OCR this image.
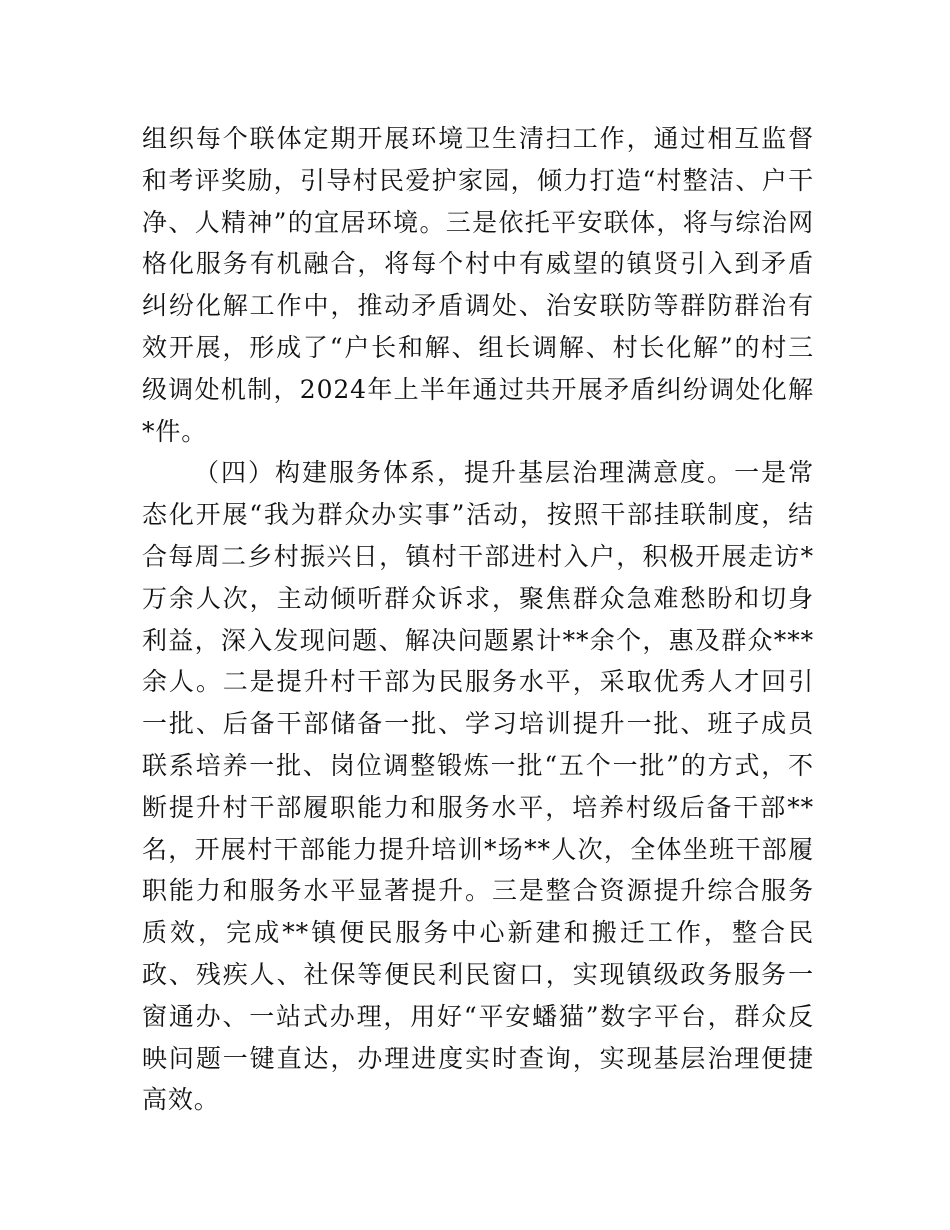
组织每个联体定期开展环境卫生清扫工作，通过相互监督和考评奖励，引导村民爱护家园，倾力打造“村整洁、户干净、人精神”的宜居环境。三是依托平安联体，将与综治网格化服务有机融合，将每个村中有威望的镇贤引入到矛盾纠纷化解工作中，推动矛盾调处、治安联防等群防群治有效开展，形成了“户长和解、组长调解、村长化解”的村三级调处机制，2024年上半年通过共开展矛盾纠纷调处化解*件。

（四）构建服务体系，提升基层治理满意度。一是常态化开展“我为群众办实事”活动，按照干部挂联制度，结合每周二乡村振兴日，镇村干部进村入户，积极开展走访*万余人次，主动倾听群众诉求，聚焦群众急难愁盼和切身利益，深入发现问题、解决问题累计**余个，惠及群众***余人。二是提升村干部为民服务水平，采取优秀人才回引一批、后备干部储备一批、学习培训提升一批、班子成员联系培养一批、岗位调整锻炼一批“五个一批”的方式，不断提升村干部履职能力和服务水平，培养村级后备干部**名，开展村干部能力提升培训*场**人次，全体坐班干部履职能力和服务水平显著提升。三是整合资源提升综合服务质效，完成**镇便民服务中心新建和搬迁工作，整合民政、残疾人、社保等便民利民窗口，实现镇级政务服务一窗通办、一站式办理，用好“平安蟠猫”数字平台，群众反映问题一键直达，办理进度实时查询，实现基层治理便捷高效。
